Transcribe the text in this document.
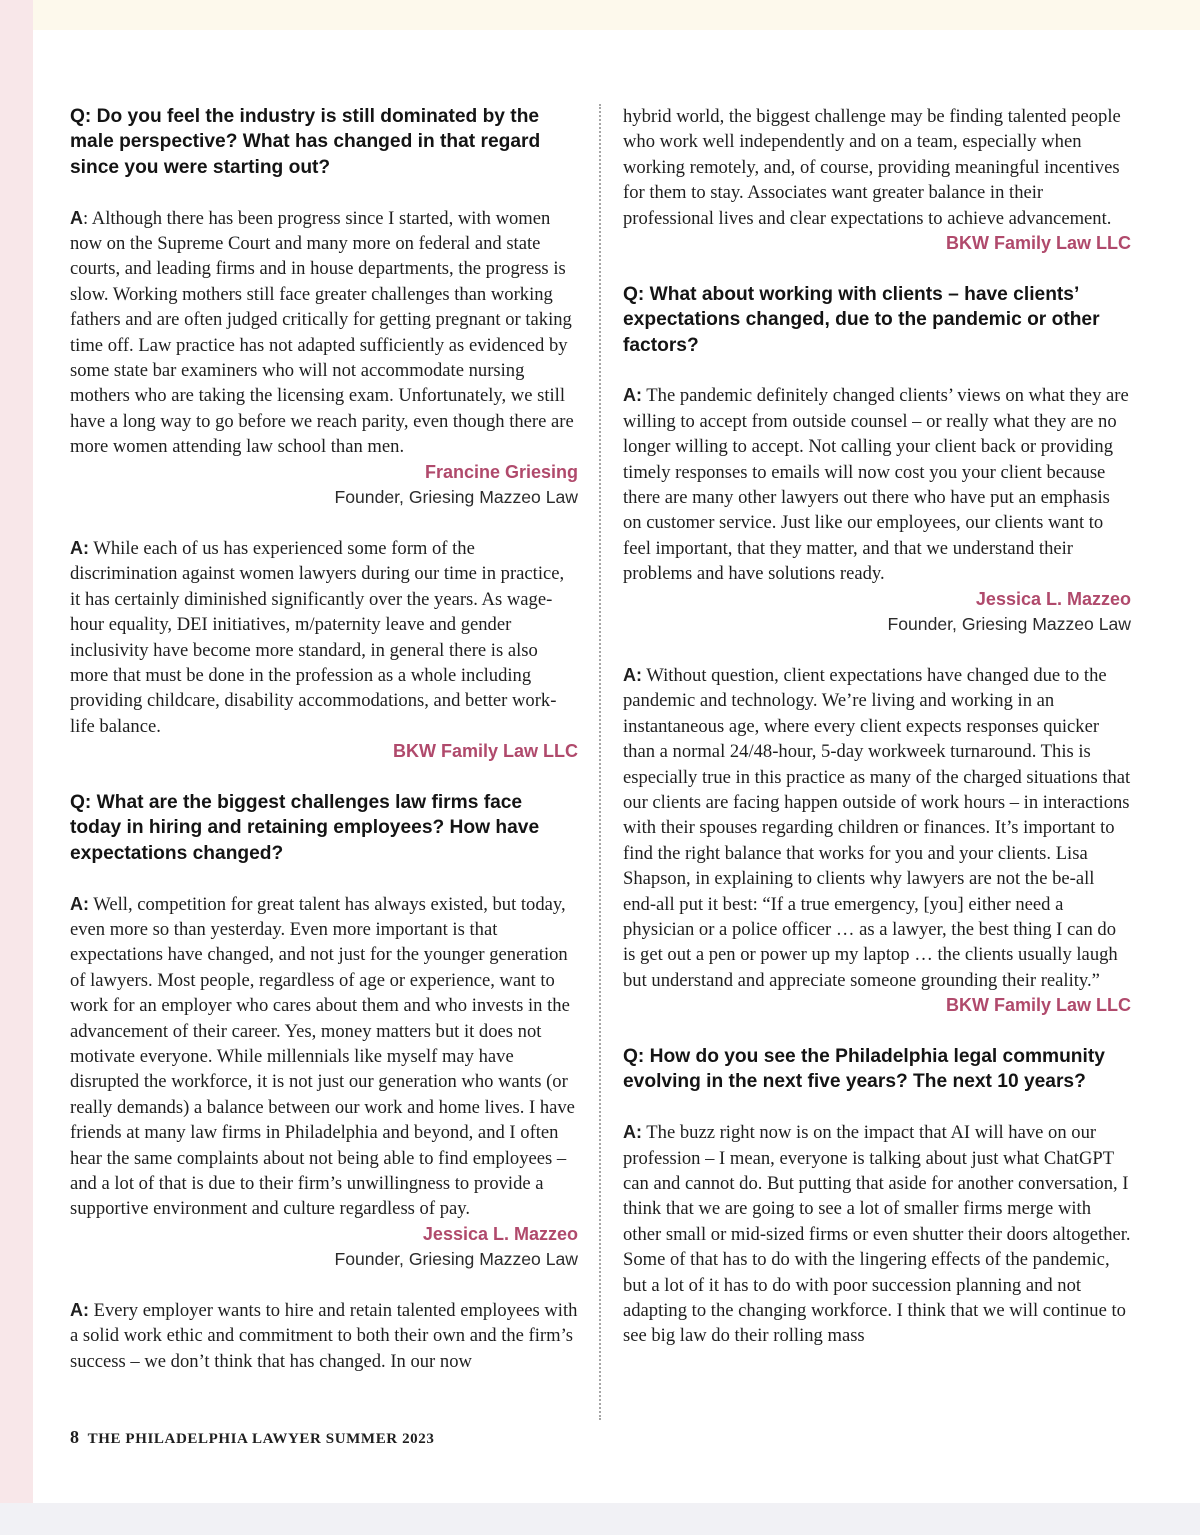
Q: Do you feel the industry is still dominated by the male perspective? What has changed in that regard since you were starting out?

A: Although there has been progress since I started, with women now on the Supreme Court and many more on federal and state courts, and leading firms and in house departments, the progress is slow. Working mothers still face greater challenges than working fathers and are often judged critically for getting pregnant or taking time off. Law practice has not adapted sufficiently as evidenced by some state bar examiners who will not accommodate nursing mothers who are taking the licensing exam. Unfortunately, we still have a long way to go before we reach parity, even though there are more women attending law school than men.

Francine Griesing

Founder, Griesing Mazzeo Law

A: While each of us has experienced some form of the discrimination against women lawyers during our time in practice, it has certainly diminished significantly over the years. As wage-hour equality, DEI initiatives, m/paternity leave and gender inclusivity have become more standard, in general there is also more that must be done in the profession as a whole including providing childcare, disability accommodations, and better work-life balance.

BKW Family Law LLC

Q: What are the biggest challenges law firms face today in hiring and retaining employees? How have expectations changed?

A: Well, competition for great talent has always existed, but today, even more so than yesterday. Even more important is that expectations have changed, and not just for the younger generation of lawyers. Most people, regardless of age or experience, want to work for an employer who cares about them and who invests in the advancement of their career. Yes, money matters but it does not motivate everyone. While millennials like myself may have disrupted the workforce, it is not just our generation who wants (or really demands) a balance between our work and home lives. I have friends at many law firms in Philadelphia and beyond, and I often hear the same complaints about not being able to find employees – and a lot of that is due to their firm’s unwillingness to provide a supportive environment and culture regardless of pay.

Jessica L. Mazzeo

Founder, Griesing Mazzeo Law

A: Every employer wants to hire and retain talented employees with a solid work ethic and commitment to both their own and the firm’s success – we don’t think that has changed. In our now

hybrid world, the biggest challenge may be finding talented people who work well independently and on a team, especially when working remotely, and, of course, providing meaningful incentives for them to stay. Associates want greater balance in their professional lives and clear expectations to achieve advancement.

BKW Family Law LLC

Q: What about working with clients – have clients’ expectations changed, due to the pandemic or other factors?

A: The pandemic definitely changed clients’ views on what they are willing to accept from outside counsel – or really what they are no longer willing to accept. Not calling your client back or providing timely responses to emails will now cost you your client because there are many other lawyers out there who have put an emphasis on customer service. Just like our employees, our clients want to feel important, that they matter, and that we understand their problems and have solutions ready.

Jessica L. Mazzeo

Founder, Griesing Mazzeo Law

A: Without question, client expectations have changed due to the pandemic and technology. We’re living and working in an instantaneous age, where every client expects responses quicker than a normal 24/48-hour, 5-day workweek turnaround. This is especially true in this practice as many of the charged situations that our clients are facing happen outside of work hours – in interactions with their spouses regarding children or finances. It’s important to find the right balance that works for you and your clients. Lisa Shapson, in explaining to clients why lawyers are not the be-all end-all put it best: “If a true emergency, [you] either need a physician or a police officer … as a lawyer, the best thing I can do is get out a pen or power up my laptop … the clients usually laugh but understand and appreciate someone grounding their reality.”

BKW Family Law LLC

Q: How do you see the Philadelphia legal community evolving in the next five years? The next 10 years?

A: The buzz right now is on the impact that AI will have on our profession – I mean, everyone is talking about just what ChatGPT can and cannot do. But putting that aside for another conversation, I think that we are going to see a lot of smaller firms merge with other small or mid-sized firms or even shutter their doors altogether. Some of that has to do with the lingering effects of the pandemic, but a lot of it has to do with poor succession planning and not adapting to the changing workforce. I think that we will continue to see big law do their rolling mass

8 THE PHILADELPHIA LAWYER SUMMER 2023
